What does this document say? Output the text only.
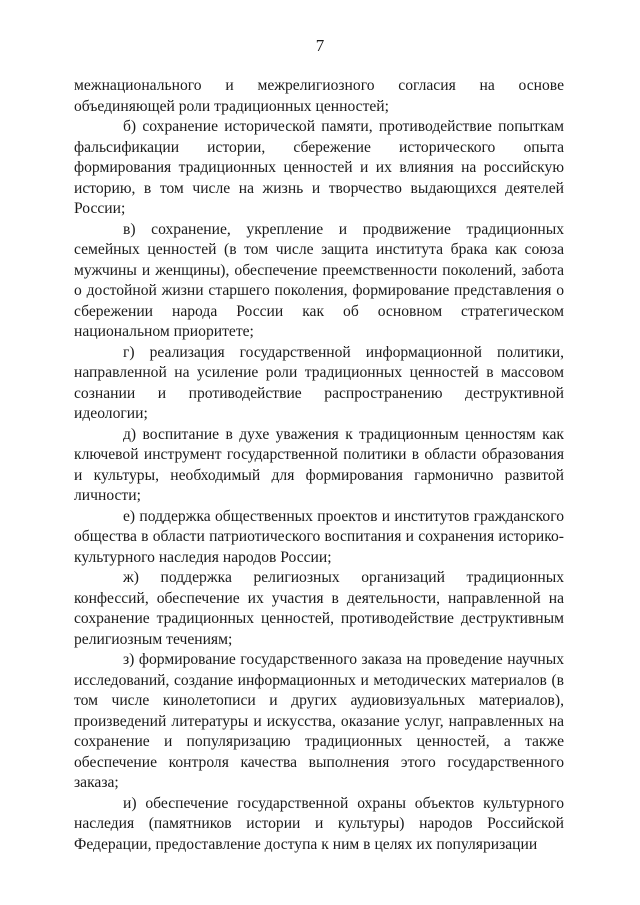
7

межнационального и межрелигиозного согласия на основе объединяющей роли традиционных ценностей;

б) сохранение исторической памяти, противодействие попыткам фальсификации истории, сбережение исторического опыта формирования традиционных ценностей и их влияния на российскую историю, в том числе на жизнь и творчество выдающихся деятелей России;

в) сохранение, укрепление и продвижение традиционных семейных ценностей (в том числе защита института брака как союза мужчины и женщины), обеспечение преемственности поколений, забота о достойной жизни старшего поколения, формирование представления о сбережении народа России как об основном стратегическом национальном приоритете;

г) реализация государственной информационной политики, направленной на усиление роли традиционных ценностей в массовом сознании и противодействие распространению деструктивной идеологии;

д) воспитание в духе уважения к традиционным ценностям как ключевой инструмент государственной политики в области образования и культуры, необходимый для формирования гармонично развитой личности;

е) поддержка общественных проектов и институтов гражданского общества в области патриотического воспитания и сохранения историко-культурного наследия народов России;

ж) поддержка религиозных организаций традиционных конфессий, обеспечение их участия в деятельности, направленной на сохранение традиционных ценностей, противодействие деструктивным религиозным течениям;

з) формирование государственного заказа на проведение научных исследований, создание информационных и методических материалов (в том числе кинолетописи и других аудиовизуальных материалов), произведений литературы и искусства, оказание услуг, направленных на сохранение и популяризацию традиционных ценностей, а также обеспечение контроля качества выполнения этого государственного заказа;

и) обеспечение государственной охраны объектов культурного наследия (памятников истории и культуры) народов Российской Федерации, предоставление доступа к ним в целях их популяризации
